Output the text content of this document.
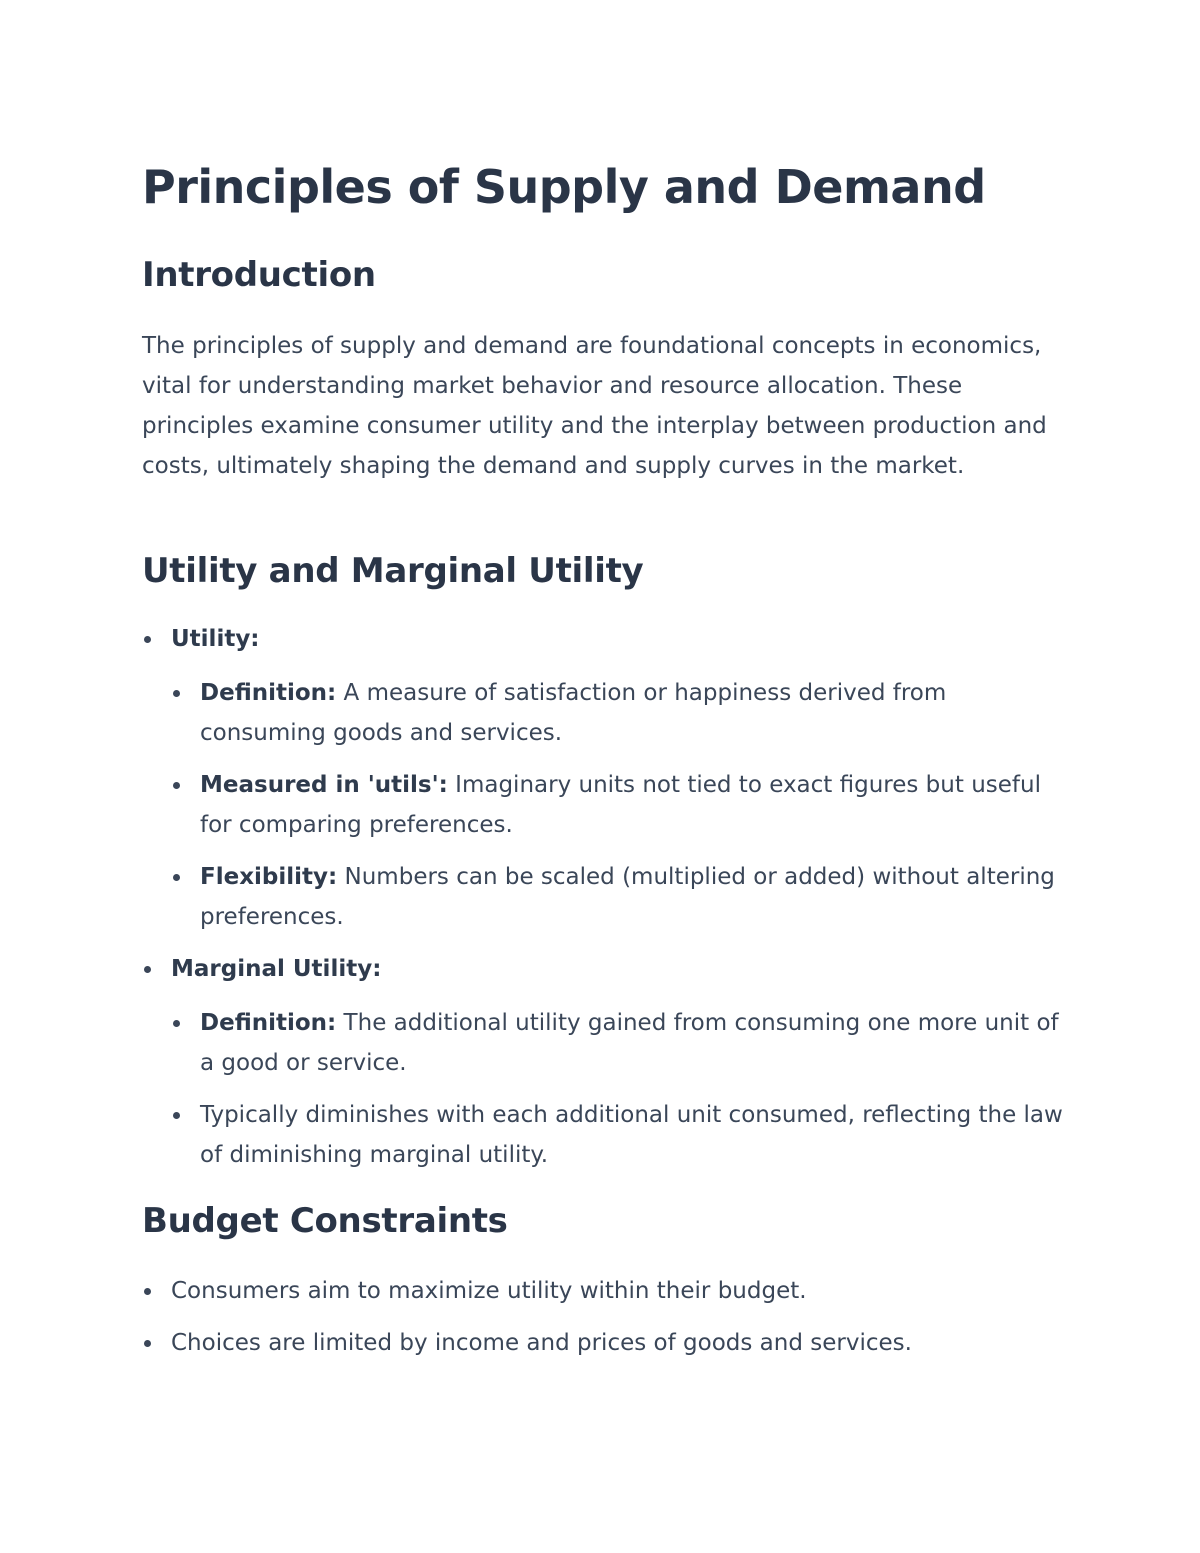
Principles of Supply and Demand
Introduction

The principles of supply and demand are foundational concepts in economics, vital for understanding market behavior and resource allocation. These principles examine consumer utility and the interplay between production and costs, ultimately shaping the demand and supply curves in the market.

Utility and Marginal Utility
Utility:
Definition: A measure of satisfaction or happiness derived from consuming goods and services.
Measured in 'utils': Imaginary units not tied to exact figures but useful for comparing preferences.
Flexibility: Numbers can be scaled (multiplied or added) without altering preferences.
Marginal Utility:
Definition: The additional utility gained from consuming one more unit of a good or service.
Typically diminishes with each additional unit consumed, reflecting the law of diminishing marginal utility.
Budget Constraints
Consumers aim to maximize utility within their budget.
Choices are limited by income and prices of goods and services.
